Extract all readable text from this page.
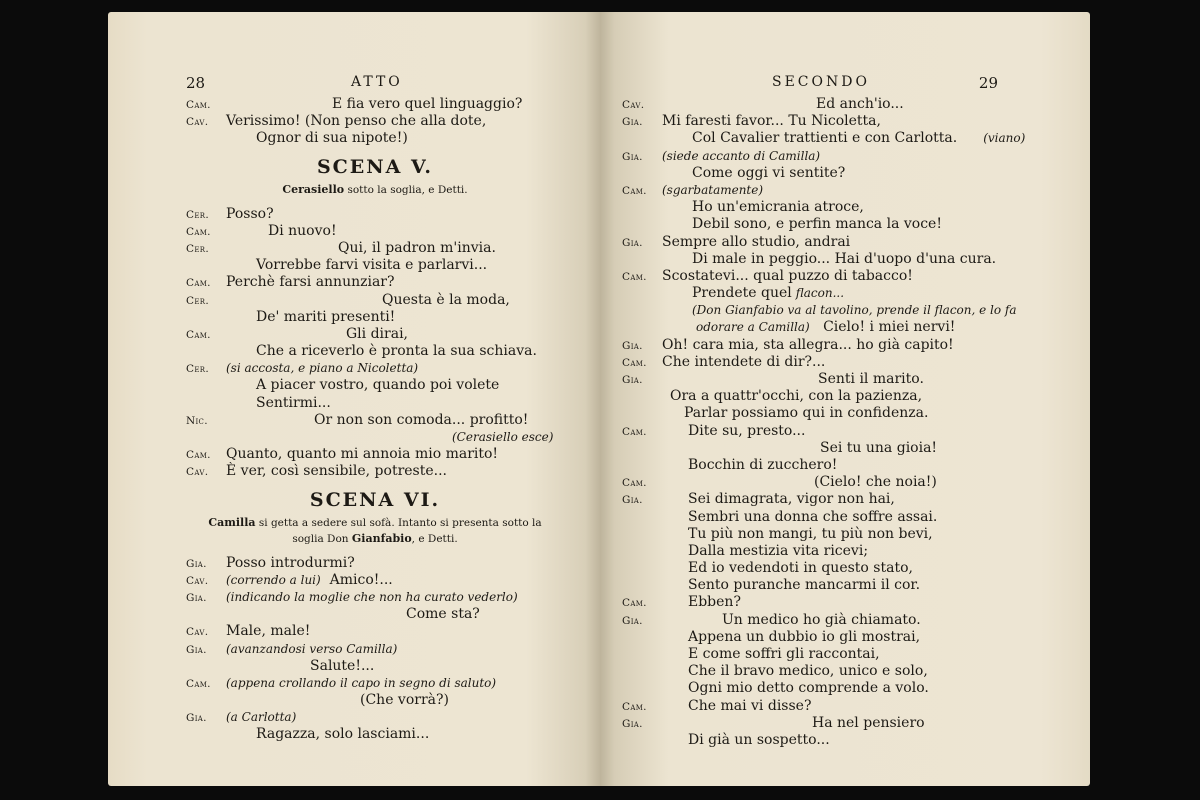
28	ATTO
Cam.	E fia vero quel linguaggio?
Cav. Verissimo! (Non penso che alla dote,
Ognor di sua nipote!)
SCENA V.
Cerasiello sotto la soglia, e Detti.
Cer. Posso?
Cam.	Di nuovo!
Cer.	Qui, il padron m'invia.
Vorrebbe farvi visita e parlarvi...
Cam. Perchè farsi annunziar?
Cer.	Questa è la moda,
De' mariti presenti!
Cam.	Gli dirai,
Che a riceverlo è pronta la sua schiava.
Cer. (si accosta, e piano a Nicoletta)
A piacer vostro, quando poi volete
Sentirmi...
Nic.	Or non son comoda... profitto!
(Cerasiello esce)
Cam. Quanto, quanto mi annoia mio marito!
Cav. È ver, così sensibile, potreste...
SCENA VI.
Camilla si getta a sedere sul sofà. Intanto si presenta sotto la
soglia Don Gianfabio, e Detti.
Gia. Posso introdurmi?
Cav. (correndo a lui)  Amico!...
Gia. (indicando la moglie che non ha curato vederlo)
Come sta?
Cav. Male, male!
Gia. (avanzandosi verso Camilla)
Salute!...
Cam. (appena crollando il capo in segno di saluto)
(Che vorrà?)
Gia. (a Carlotta)
Ragazza, solo lasciami...
SECONDO	29
Cav.	Ed anch'io...
Gia. Mi faresti favor... Tu Nicoletta,
Col Cavalier trattienti e con Carlotta. (viano)
Gia. (siede accanto di Camilla)
Come oggi vi sentite?
Cam. (sgarbatamente)
Ho un'emicrania atroce,
Debil sono, e perfin manca la voce!
Gia. Sempre allo studio, andrai
Di male in peggio... Hai d'uopo d'una cura.
Cam. Scostatevi... qual puzzo di tabacco!
Prendete quel flacon...
(Don Gianfabio va al tavolino, prende il flacon, e lo fa
odorare a Camilla)   Cielo! i miei nervi!
Gia. Oh! cara mia, sta allegra... ho già capito!
Cam. Che intendete di dir?...
Gia.	Senti il marito.
Ora a quattr'occhi, con la pazienza,
Parlar possiamo qui in confidenza.
Cam.	Dite su, presto...
Sei tu una gioia!
Bocchin di zucchero!
Cam.	(Cielo! che noia!)
Gia.	Sei dimagrata, vigor non hai,
Sembri una donna che soffre assai.
Tu più non mangi, tu più non bevi,
Dalla mestizia vita ricevi;
Ed io vedendoti in questo stato,
Sento puranche mancarmi il cor.
Cam.	Ebben?
Gia.	Un medico ho già chiamato.
Appena un dubbio io gli mostrai,
E come soffri gli raccontai,
Che il bravo medico, unico e solo,
Ogni mio detto comprende a volo.
Cam.	Che mai vi disse?
Gia.	Ha nel pensiero
Di già un sospetto...
